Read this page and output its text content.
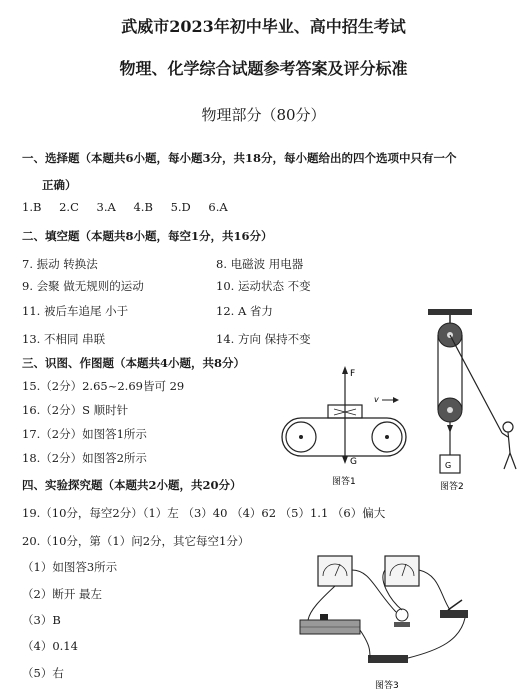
武威市2023年初中毕业、高中招生考试
物理、化学综合试题参考答案及评分标准
物理部分（80分）
一、选择题（本题共6小题，每小题3分，共18分，每小题给出的四个选项中只有一个
正确）
1.B 2.C 3.A 4.B 5.D 6.A
二、填空题（本题共8小题，每空1分，共16分）
7. 振动 转换法	8. 电磁波 用电器
9. 会聚 做无规则的运动	10. 运动状态 不变
11. 被后车追尾 小于	12. A 省力
13. 不相同 串联	14. 方向 保持不变
三、识图、作图题（本题共4小题，共8分）
15.（2分）2.65~2.69皆可 29
16.（2分）S 顺时针
17.（2分）如图答1所示
18.（2分）如图答2所示
四、实验探究题（本题共2小题，共20分）
19.（10分，每空2分）（1）左 （3）40 （4）62 （5）1.1 （6）偏大
20.（10分，第（1）问2分，其它每空1分）
（1）如图答3所示
（2）断开 最左
（3）B
（4）0.14
（5）右
F
G
v
图答1
G
图答2
图答3
